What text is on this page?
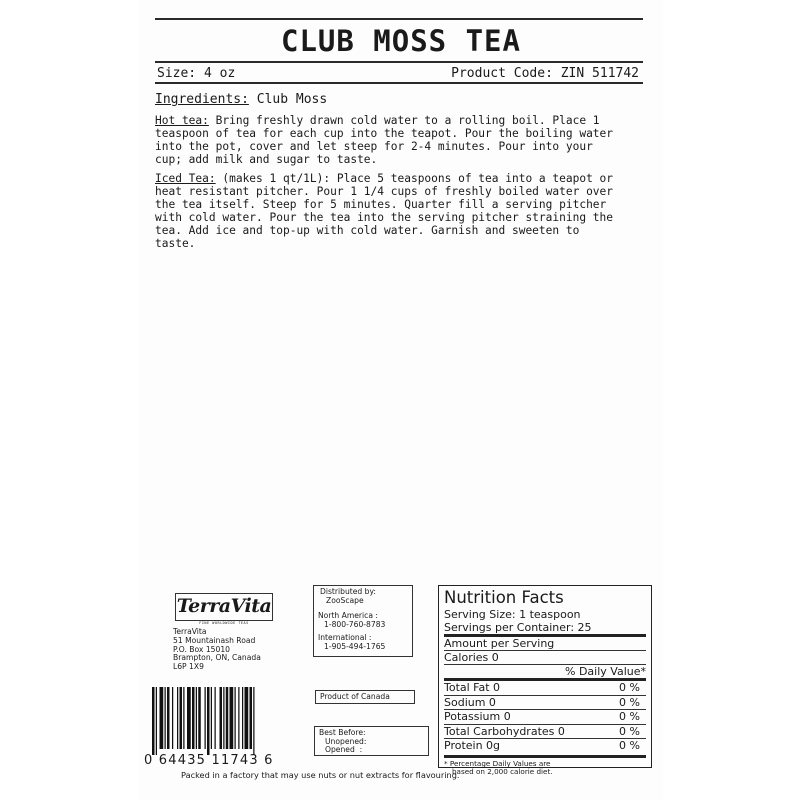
CLUB MOSS TEA
Size: 4 oz	Product Code: ZIN 511742
Ingredients: Club Moss
Hot tea: Bring freshly drawn cold water to a rolling boil. Place 1
teaspoon of tea for each cup into the teapot. Pour the boiling water
into the pot, cover and let steep for 2-4 minutes. Pour into your
cup; add milk and sugar to taste.
Iced Tea: (makes 1 qt/1L): Place 5 teaspoons of tea into a teapot or
heat resistant pitcher. Pour 1 1/4 cups of freshly boiled water over
the tea itself. Steep for 5 minutes. Quarter fill a serving pitcher
with cold water. Pour the tea into the serving pitcher straining the
tea. Add ice and top-up with cold water. Garnish and sweeten to
taste.
TerraVita
FINE WORLDWIDE TEAS
TerraVita
51 Mountainash Road
P.O. Box 15010
Brampton, ON, Canada
L6P 1X9
Distributed by:
ZooScape
North America :
1-800-760-8783
International :
1-905-494-1765
Product of Canada
Best Before:
Unopened:
Opened  :
Nutrition Facts
Serving Size: 1 teaspoon
Servings per Container: 25
Amount per Serving
Calories 0
% Daily Value*
Total Fat 0	0 %
Sodium 0	0 %
Potassium 0	0 %
Total Carbohydrates 0	0 %
Protein 0g	0 %
* Percentage Daily Values are
based on 2,000 calorie diet.
0 64435 11743 6
Packed in a factory that may use nuts or nut extracts for flavouring.
